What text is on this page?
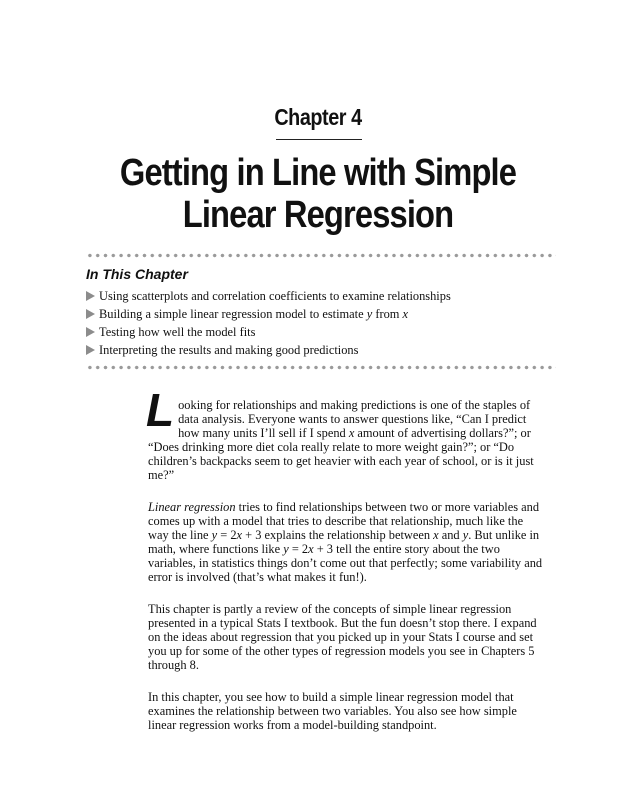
Chapter 4
Getting in Line with Simple
Linear Regression
In This Chapter
Using scatterplots and correlation coefficients to examine relationships
Building a simple linear regression model to estimate y from x
Testing how well the model fits
Interpreting the results and making good predictions

Looking for relationships and making predictions is one of the staples of data analysis. Everyone wants to answer questions like, “Can I predict how many units I’ll sell if I spend x amount of advertising dollars?”; or “Does drinking more diet cola really relate to more weight gain?”; or “Do children’s backpacks seem to get heavier with each year of school, or is it just me?”

Linear regression tries to find relationships between two or more variables and comes up with a model that tries to describe that relationship, much like the way the line y = 2x + 3 explains the relationship between x and y. But unlike in math, where functions like y = 2x + 3 tell the entire story about the two variables, in statistics things don’t come out that perfectly; some variability and error is involved (that’s what makes it fun!).

This chapter is partly a review of the concepts of simple linear regression presented in a typical Stats I textbook. But the fun doesn’t stop there. I expand on the ideas about regression that you picked up in your Stats I course and set you up for some of the other types of regression models you see in Chapters 5 through 8.

In this chapter, you see how to build a simple linear regression model that examines the relationship between two variables. You also see how simple linear regression works from a model-building standpoint.
